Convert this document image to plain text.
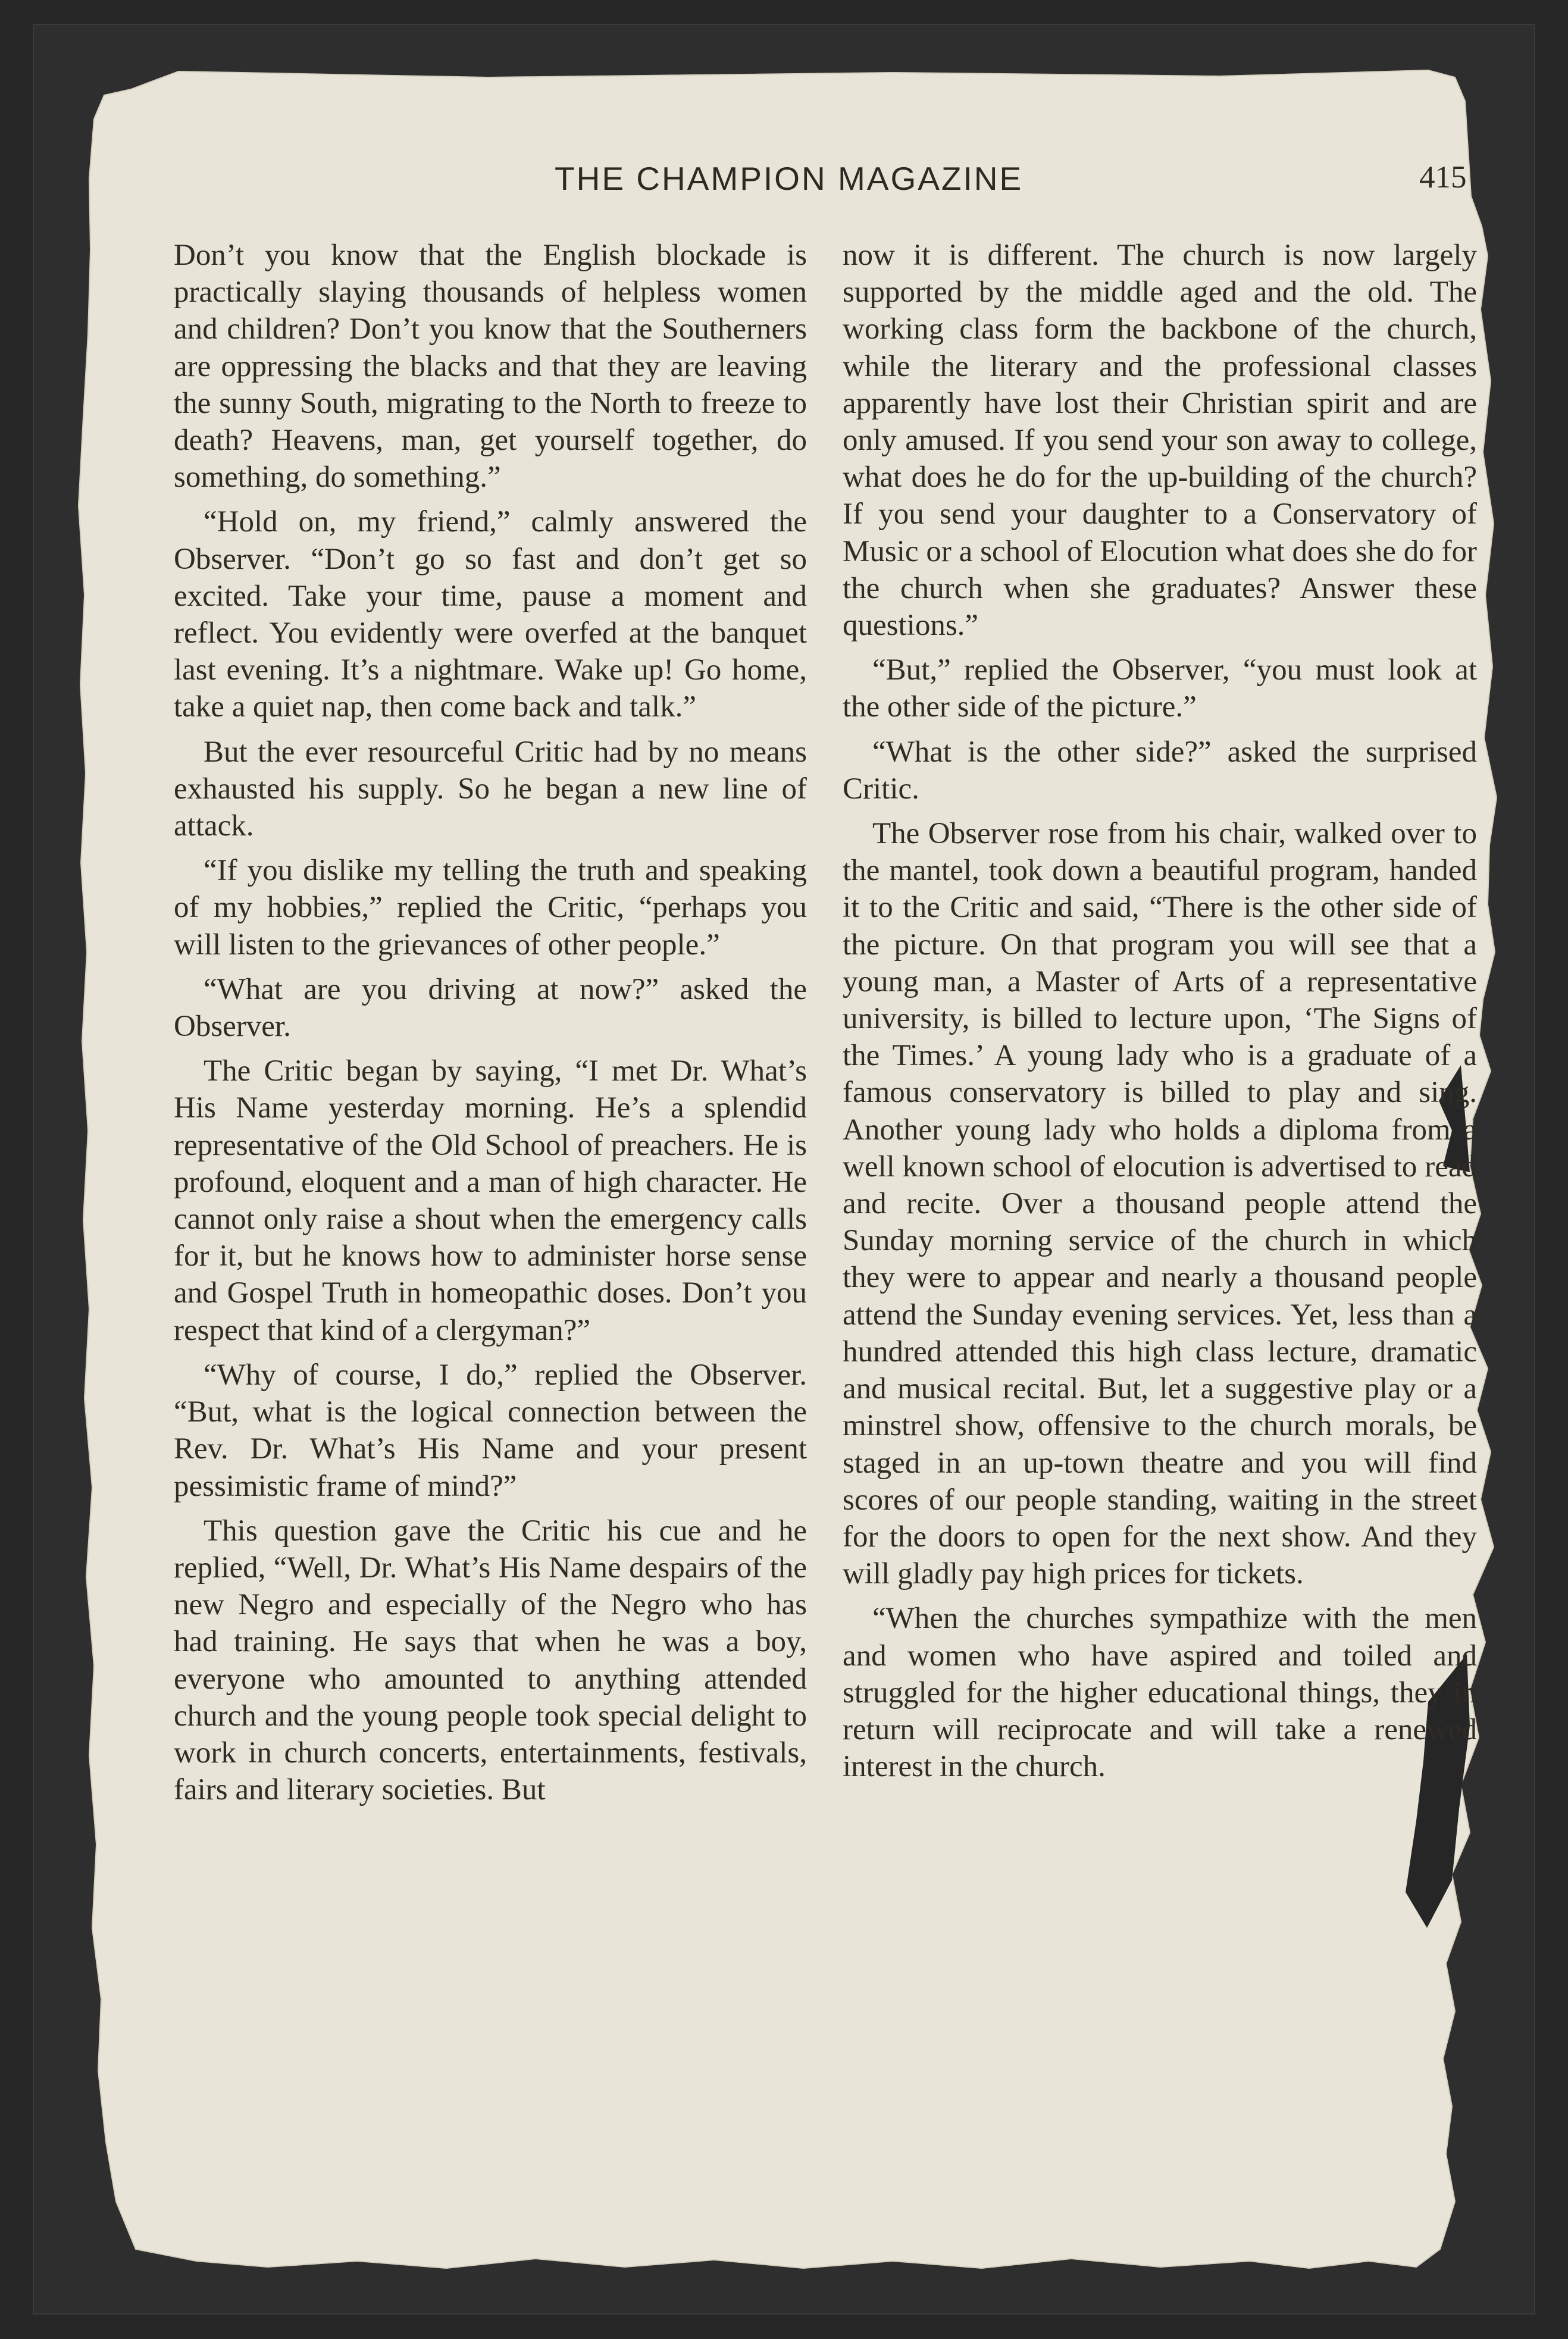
THE CHAMPION MAGAZINE	415

Don’t you know that the English blockade is practically slaying thousands of helpless women and children? Don’t you know that the Southerners are oppressing the blacks and that they are leaving the sunny South, migrating to the North to freeze to death? Heavens, man, get yourself together, do something, do something.”

“Hold on, my friend,” calmly answered the Observer. “Don’t go so fast and don’t get so excited. Take your time, pause a moment and reflect. You evidently were overfed at the banquet last evening. It’s a nightmare. Wake up! Go home, take a quiet nap, then come back and talk.”

But the ever resourceful Critic had by no means exhausted his supply. So he began a new line of attack.

“If you dislike my telling the truth and speaking of my hobbies,” replied the Critic, “perhaps you will listen to the grievances of other people.”

“What are you driving at now?” asked the Observer.

The Critic began by saying, “I met Dr. What’s His Name yesterday morning. He’s a splendid representative of the Old School of preachers. He is profound, eloquent and a man of high character. He cannot only raise a shout when the emergency calls for it, but he knows how to administer horse sense and Gospel Truth in homeopathic doses. Don’t you respect that kind of a clergyman?”

“Why of course, I do,” replied the Observer. “But, what is the logical connection between the Rev. Dr. What’s His Name and your present pessimistic frame of mind?”

This question gave the Critic his cue and he replied, “Well, Dr. What’s His Name despairs of the new Negro and especially of the Negro who has had training. He says that when he was a boy, everyone who amounted to anything attended church and the young people took special delight to work in church concerts, entertainments, festivals, fairs and literary societies. But

now it is different. The church is now largely supported by the middle aged and the old. The working class form the backbone of the church, while the literary and the professional classes apparently have lost their Christian spirit and are only amused. If you send your son away to college, what does he do for the up-building of the church? If you send your daughter to a Conservatory of Music or a school of Elocution what does she do for the church when she graduates? Answer these questions.”

“But,” replied the Observer, “you must look at the other side of the picture.”

“What is the other side?” asked the surprised Critic.

The Observer rose from his chair, walked over to the mantel, took down a beautiful program, handed it to the Critic and said, “There is the other side of the picture. On that program you will see that a young man, a Master of Arts of a representative university, is billed to lecture upon, ‘The Signs of the Times.’ A young lady who is a graduate of a famous conservatory is billed to play and sing. Another young lady who holds a diploma from a well known school of elocution is advertised to read and recite. Over a thousand people attend the Sunday morning service of the church in which they were to appear and nearly a thousand people attend the Sunday evening services. Yet, less than a hundred attended this high class lecture, dramatic and musical recital. But, let a suggestive play or a minstrel show, offensive to the church morals, be staged in an up-town theatre and you will find scores of our people standing, waiting in the street for the doors to open for the next show. And they will gladly pay high prices for tickets.

“When the churches sympathize with the men and women who have aspired and toiled and struggled for the higher educational things, they in return will reciprocate and will take a renewed interest in the church.
